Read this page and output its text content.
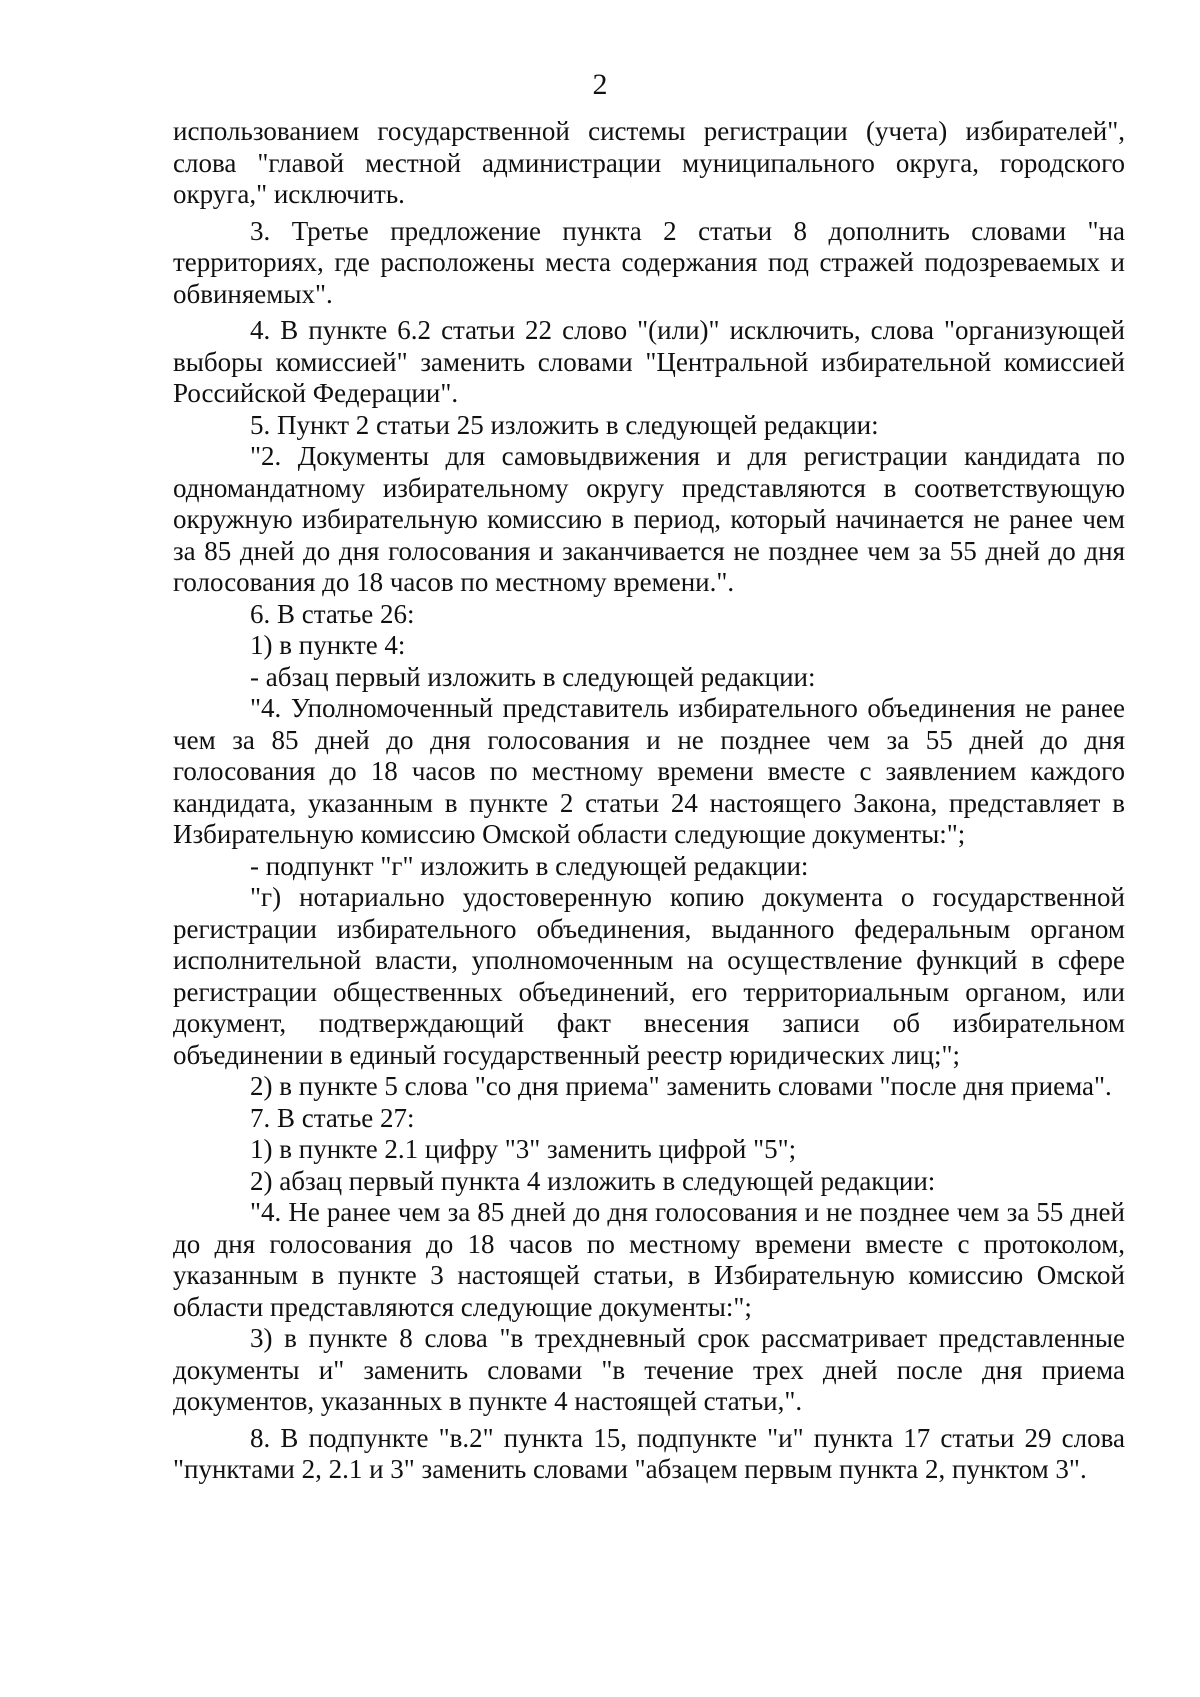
2

использованием государственной системы регистрации (учета) избирателей", слова "главой местной администрации муниципального округа, городского округа," исключить.

3. Третье предложение пункта 2 статьи 8 дополнить словами "на территориях, где расположены места содержания под стражей подозреваемых и обвиняемых".

4. В пункте 6.2 статьи 22 слово "(или)" исключить, слова "организующей выборы комиссией" заменить словами "Центральной избирательной комиссией Российской Федерации".

5. Пункт 2 статьи 25 изложить в следующей редакции:

"2. Документы для самовыдвижения и для регистрации кандидата по одномандатному избирательному округу представляются в соответствующую окружную избирательную комиссию в период, который начинается не ранее чем за 85 дней до дня голосования и заканчивается не позднее чем за 55 дней до дня голосования до 18 часов по местному времени.".

6. В статье 26:

1) в пункте 4:

- абзац первый изложить в следующей редакции:

"4. Уполномоченный представитель избирательного объединения не ранее чем за 85 дней до дня голосования и не позднее чем за 55 дней до дня голосования до 18 часов по местному времени вместе с заявлением каждого кандидата, указанным в пункте 2 статьи 24 настоящего Закона, представляет в Избирательную комиссию Омской области следующие документы:";

- подпункт "г" изложить в следующей редакции:

"г) нотариально удостоверенную копию документа о государственной регистрации избирательного объединения, выданного федеральным органом исполнительной власти, уполномоченным на осуществление функций в сфере регистрации общественных объединений, его территориальным органом, или документ, подтверждающий факт внесения записи об избирательном объединении в единый государственный реестр юридических лиц;";

2) в пункте 5 слова "со дня приема" заменить словами "после дня приема".

7. В статье 27:

1) в пункте 2.1 цифру "3" заменить цифрой "5";

2) абзац первый пункта 4 изложить в следующей редакции:

"4. Не ранее чем за 85 дней до дня голосования и не позднее чем за 55 дней до дня голосования до 18 часов по местному времени вместе с протоколом, указанным в пункте 3 настоящей статьи, в Избирательную комиссию Омской области представляются следующие документы:";

3) в пункте 8 слова "в трехдневный срок рассматривает представленные документы и" заменить словами "в течение трех дней после дня приема документов, указанных в пункте 4 настоящей статьи,".

8. В подпункте "в.2" пункта 15, подпункте "и" пункта 17 статьи 29 слова "пунктами 2, 2.1 и 3" заменить словами "абзацем первым пункта 2, пунктом 3".
